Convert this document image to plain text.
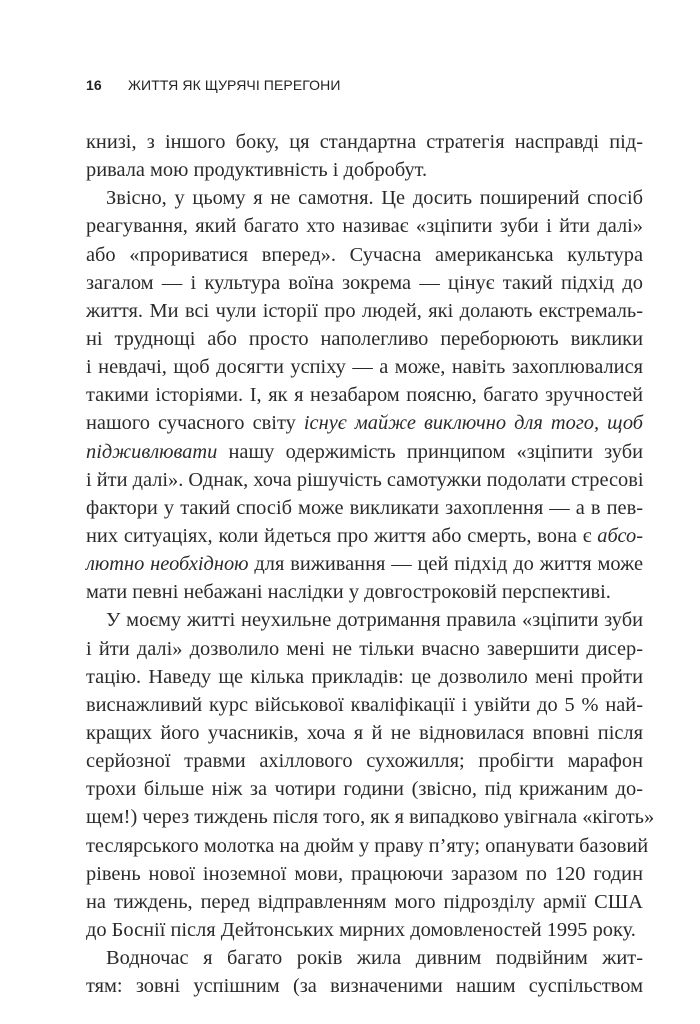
16 ЖИТТЯ ЯК ЩУРЯЧІ ПЕРЕГОНИ
книзі, з іншого боку, ця стандартна стратегія насправді під-
ривала мою продуктивність і добробут.
Звісно, у цьому я не самотня. Це досить поширений спосіб
реагування, який багато хто називає «зціпити зуби і йти далі»
або «прориватися вперед». Сучасна американська культура
загалом — і культура воїна зокрема — цінує такий підхід до
життя. Ми всі чули історії про людей, які долають екстремаль-
ні труднощі або просто наполегливо переборюють виклики
і невдачі, щоб досягти успіху — а може, навіть захоплювалися
такими історіями. І, як я незабаром поясню, багато зручностей
нашого сучасного світу існує майже виключно для того, щоб
підживлювати нашу одержимість принципом «зціпити зуби
і йти далі». Однак, хоча рішучість самотужки подолати стресові
фактори у такий спосіб може викликати захоплення — а в пев-
них ситуаціях, коли йдеться про життя або смерть, вона є абсо-
лютно необхідною для виживання — цей підхід до життя може
мати певні небажані наслідки у довгостроковій перспективі.
У моєму житті неухильне дотримання правила «зціпити зуби
і йти далі» дозволило мені не тільки вчасно завершити дисер-
тацію. Наведу ще кілька прикладів: це дозволило мені пройти
виснажливий курс військової кваліфікації і увійти до 5 % най-
кращих його учасників, хоча я й не відновилася вповні після
серйозної травми ахіллового сухожилля; пробігти марафон
трохи більше ніж за чотири години (звісно, під крижаним до-
щем!) через тиждень після того, як я випадково увігнала «кіготь»
теслярського молотка на дюйм у праву п’яту; опанувати базовий
рівень нової іноземної мови, працюючи заразом по 120 годин
на тиждень, перед відправленням мого підрозділу армії США
до Боснії після Дейтонських мирних домовленостей 1995 року.
Водночас я багато років жила дивним подвійним жит-
тям: зовні успішним (за визначеними нашим суспільством
